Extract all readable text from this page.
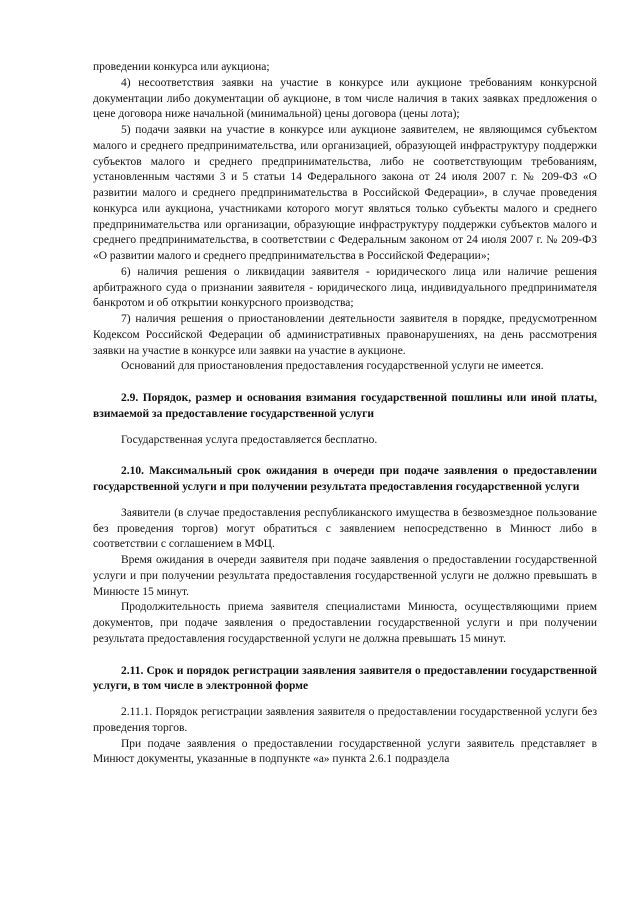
проведении конкурса или аукциона;

4) несоответствия заявки на участие в конкурсе или аукционе требованиям конкурсной документации либо документации об аукционе, в том числе наличия в таких заявках предложения о цене договора ниже начальной (минимальной) цены договора (цены лота);

5) подачи заявки на участие в конкурсе или аукционе заявителем, не являющимся субъектом малого и среднего предпринимательства, или организацией, образующей инфраструктуру поддержки субъектов малого и среднего предпринимательства, либо не соответствующим требованиям, установленным частями 3 и 5 статьи 14 Федерального закона от 24 июля 2007 г. № 209-ФЗ «О развитии малого и среднего предпринимательства в Российской Федерации», в случае проведения конкурса или аукциона, участниками которого могут являться только субъекты малого и среднего предпринимательства или организации, образующие инфраструктуру поддержки субъектов малого и среднего предпринимательства, в соответствии с Федеральным законом от 24 июля 2007 г. № 209-ФЗ «О развитии малого и среднего предпринимательства в Российской Федерации»;

6) наличия решения о ликвидации заявителя - юридического лица или наличие решения арбитражного суда о признании заявителя - юридического лица, индивидуального предпринимателя банкротом и об открытии конкурсного производства;

7) наличия решения о приостановлении деятельности заявителя в порядке, предусмотренном Кодексом Российской Федерации об административных правонарушениях, на день рассмотрения заявки на участие в конкурсе или заявки на участие в аукционе.

Оснований для приостановления предоставления государственной услуги не имеется.

2.9. Порядок, размер и основания взимания государственной пошлины или иной платы, взимаемой за предоставление государственной услуги

Государственная услуга предоставляется бесплатно.

2.10. Максимальный срок ожидания в очереди при подаче заявления о предоставлении государственной услуги и при получении результата предоставления государственной услуги

Заявители (в случае предоставления республиканского имущества в безвозмездное пользование без проведения торгов) могут обратиться с заявлением непосредственно в Минюст либо в соответствии с соглашением в МФЦ.

Время ожидания в очереди заявителя при подаче заявления о предоставлении государственной услуги и при получении результата предоставления государственной услуги не должно превышать в Минюсте 15 минут.

Продолжительность приема заявителя специалистами Минюста, осуществляющими прием документов, при подаче заявления о предоставлении государственной услуги и при получении результата предоставления государственной услуги не должна превышать 15 минут.

2.11. Срок и порядок регистрации заявления заявителя о предоставлении государственной услуги, в том числе в электронной форме

2.11.1. Порядок регистрации заявления заявителя о предоставлении государственной услуги без проведения торгов.

При подаче заявления о предоставлении государственной услуги заявитель представляет в Минюст документы, указанные в подпункте «а» пункта 2.6.1 подраздела
